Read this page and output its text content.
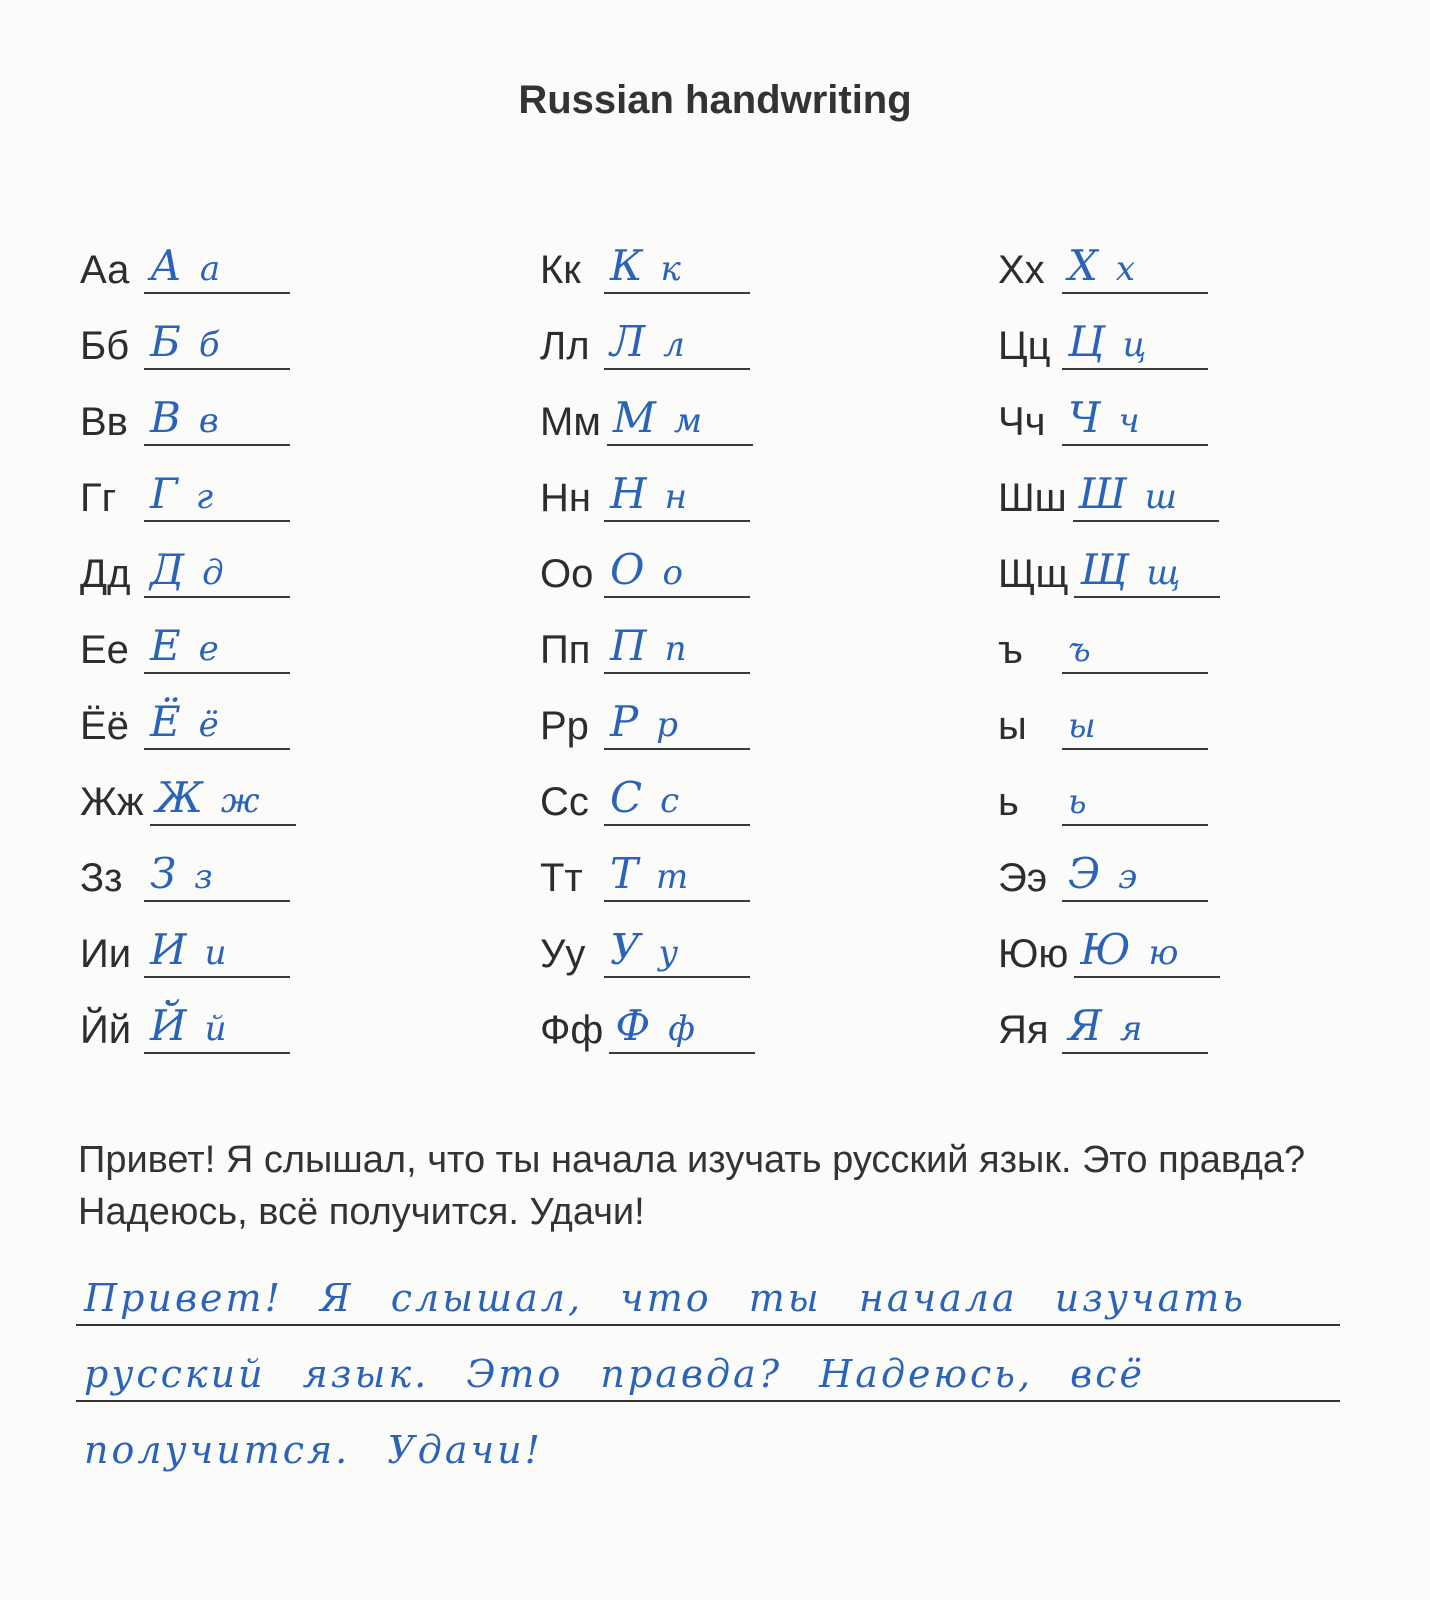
Russian handwriting
Аа А а
Бб Б б
Вв В в
Гг Г г
Дд Д д
Ее Е е
Ёё Ё ё
Жж Ж ж
Зз З з
Ии И и
Йй Й й
Кк К к
Лл Л л
Мм М м
Нн Н н
Оо О о
Пп П п
Рр Р р
Сс С с
Тт Т т
Уу У у
Фф Ф ф
Хх Х х
Цц Ц ц
Чч Ч ч
Шш Ш ш
Щщ Щ щ
ъ	ъ
ы	ы
ь	ь
Ээ Э э
Юю Ю ю
Яя Я я
Привет! Я слышал, что ты начала изучать русский язык. Это правда? Надеюсь, всё получится. Удачи!
Привет! Я слышал, что ты начала изучать
русский язык. Это правда? Надеюсь, всё
получится. Удачи!
